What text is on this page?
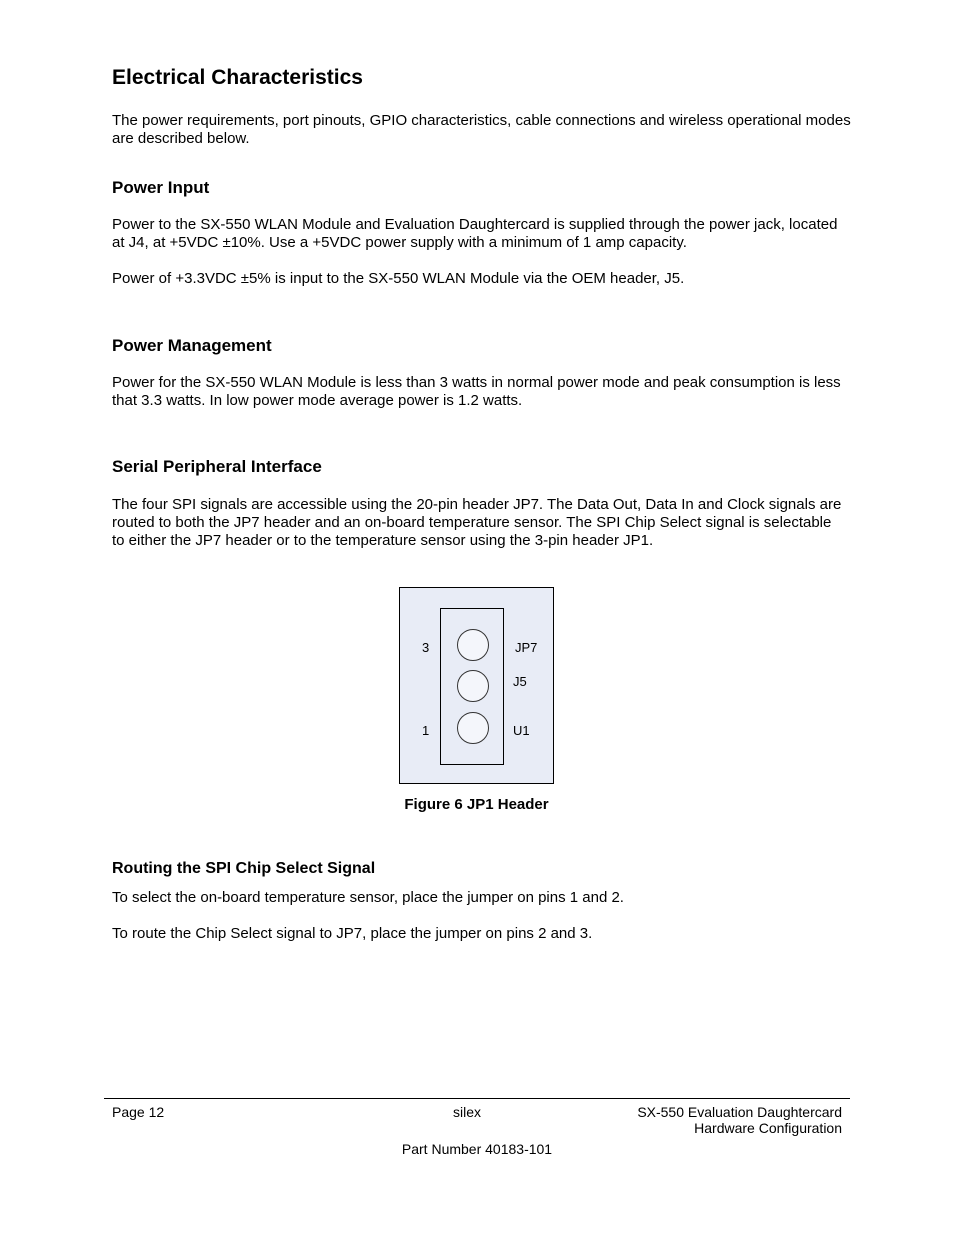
Electrical Characteristics

The power requirements, port pinouts, GPIO characteristics, cable connections and wireless operational modes are described below.

Power Input

Power to the SX-550 WLAN Module and Evaluation Daughtercard is supplied through the power jack, located at J4, at +5VDC ±10%. Use a +5VDC power supply with a minimum of 1 amp capacity.

Power of +3.3VDC ±5% is input to the SX-550 WLAN Module via the OEM header, J5.

Power Management

Power for the SX-550 WLAN Module is less than 3 watts in normal power mode and peak consumption is less that 3.3 watts. In low power mode average power is 1.2 watts.

Serial Peripheral Interface

The four SPI signals are accessible using the 20-pin header JP7. The Data Out, Data In and Clock signals are routed to both the JP7 header and an on-board temperature sensor. The SPI Chip Select signal is selectable to either the JP7 header or to the temperature sensor using the 3-pin header JP1.

3
1
JP7
J5
U1
Figure 6 JP1 Header
Routing the SPI Chip Select Signal

To select the on-board temperature sensor, place the jumper on pins 1 and 2.

To route the Chip Select signal to JP7, place the jumper on pins 2 and 3.

Page 12	silex	SX-550 Evaluation Daughtercard
Hardware Configuration
Part Number 40183-101
